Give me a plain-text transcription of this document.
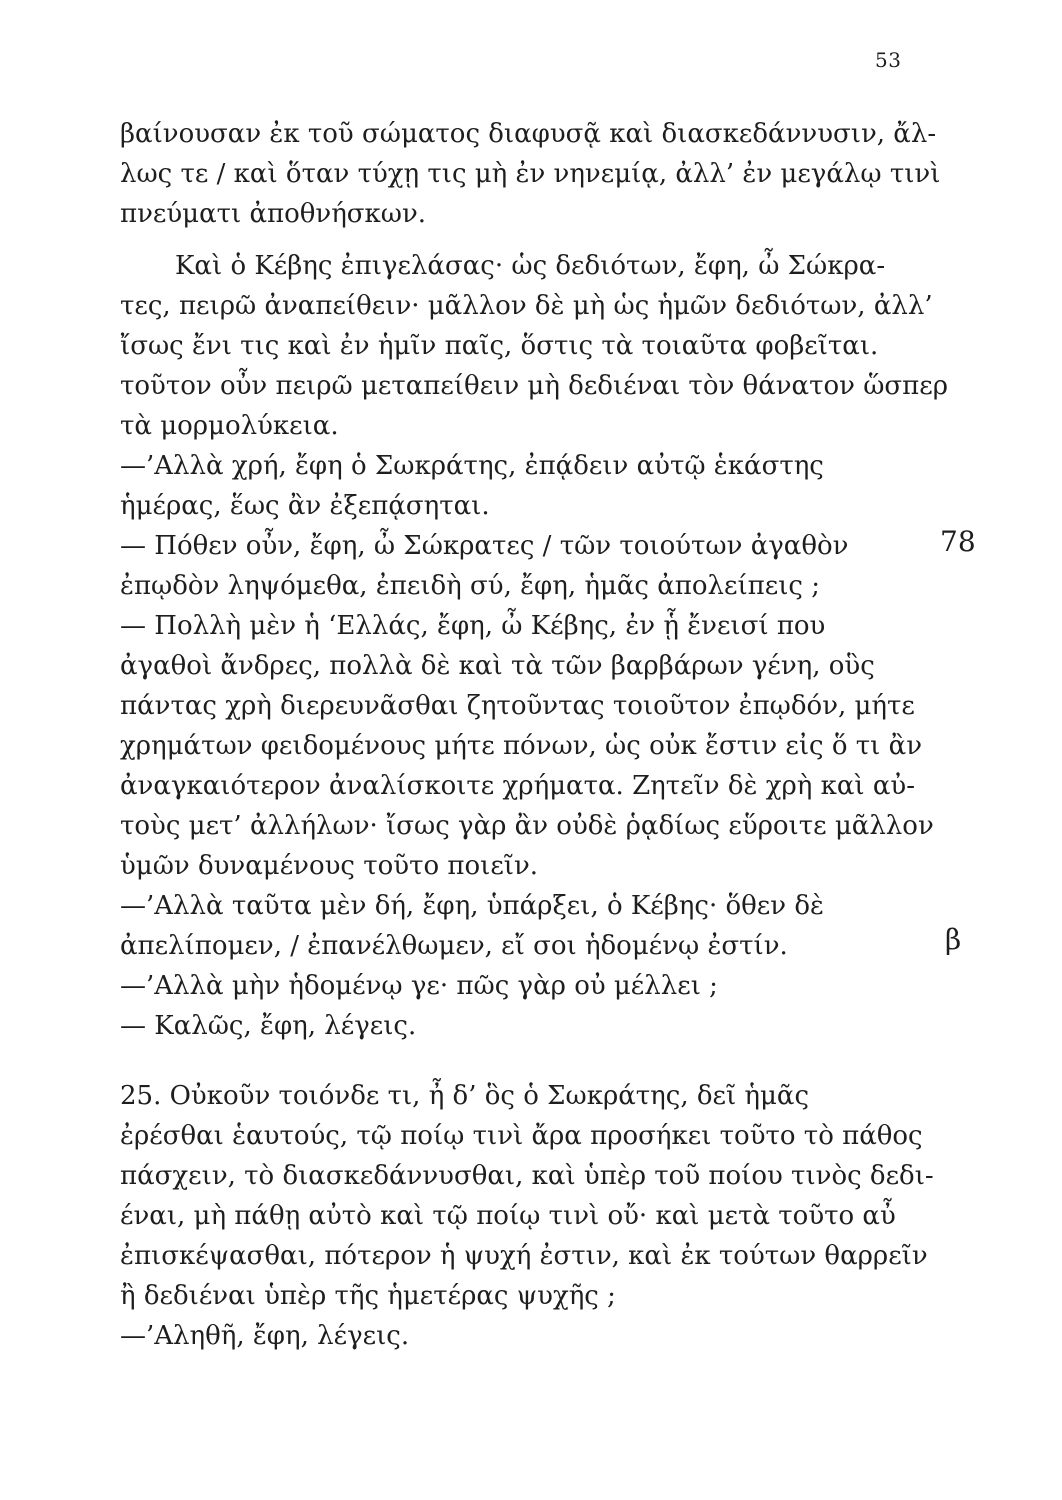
53
βαίνουσαν ἐκ τοῦ σώματος διαφυσᾷ καὶ διασκεδάννυσιν, ἄλ-
λως τε / καὶ ὅταν τύχῃ τις μὴ ἐν νηνεμίᾳ, ἀλλ’ ἐν μεγάλῳ τινὶ
πνεύματι ἀποθνήσκων.
Καὶ ὁ Κέβης ἐπιγελάσας· ὡς δεδιότων, ἔφη, ὦ Σώκρα-
τες, πειρῶ ἀναπείθειν· μᾶλλον δὲ μὴ ὡς ἡμῶν δεδιότων, ἀλλ’
ἴσως ἔνι τις καὶ ἐν ἡμῖν παῖς, ὅστις τὰ τοιαῦτα φοβεῖται.
τοῦτον οὖν πειρῶ μεταπείθειν μὴ δεδιέναι τὸν θάνατον ὥσπερ
τὰ μορμολύκεια.
—’Αλλὰ χρή, ἔφη ὁ Σωκράτης, ἐπᾴδειν αὐτῷ ἑκάστης
ἡμέρας, ἕως ἂν ἐξεπᾴσηται.
— Πόθεν οὖν, ἔφη, ὦ Σώκρατες / τῶν τοιούτων ἀγαθὸν
ἐπῳδὸν ληψόμεθα, ἐπειδὴ σύ, ἔφη, ἡμᾶς ἀπολείπεις ;
— Πολλὴ μὲν ἡ ‘Ελλάς, ἔφη, ὦ Κέβης, ἐν ᾗ ἔνεισί που
ἀγαθοὶ ἄνδρες, πολλὰ δὲ καὶ τὰ τῶν βαρβάρων γένη, οὓς
πάντας χρὴ διερευνᾶσθαι ζητοῦντας τοιοῦτον ἐπῳδόν, μήτε
χρημάτων φειδομένους μήτε πόνων, ὡς οὐκ ἔστιν εἰς ὅ τι ἂν
ἀναγκαιότερον ἀναλίσκοιτε χρήματα. Ζητεῖν δὲ χρὴ καὶ αὐ-
τοὺς μετ’ ἀλλήλων· ἴσως γὰρ ἂν οὐδὲ ῥᾳδίως εὕροιτε μᾶλλον
ὑμῶν δυναμένους τοῦτο ποιεῖν.
—’Αλλὰ ταῦτα μὲν δή, ἔφη, ὑπάρξει, ὁ Κέβης· ὅθεν δὲ
ἀπελίπομεν, / ἐπανέλθωμεν, εἴ σοι ἡδομένῳ ἐστίν.
—’Αλλὰ μὴν ἡδομένῳ γε· πῶς γὰρ οὐ μέλλει ;
— Καλῶς, ἔφη, λέγεις.
25. Οὐκοῦν τοιόνδε τι, ἦ δ’ ὃς ὁ Σωκράτης, δεῖ ἡμᾶς
ἐρέσθαι ἑαυτούς, τῷ ποίῳ τινὶ ἄρα προσήκει τοῦτο τὸ πάθος
πάσχειν, τὸ διασκεδάννυσθαι, καὶ ὑπὲρ τοῦ ποίου τινὸς δεδι-
έναι, μὴ πάθῃ αὐτὸ καὶ τῷ ποίῳ τινὶ οὔ· καὶ μετὰ τοῦτο αὖ
ἐπισκέψασθαι, πότερον ἡ ψυχή ἐστιν, καὶ ἐκ τούτων θαρρεῖν
ἢ δεδιέναι ὑπὲρ τῆς ἡμετέρας ψυχῆς ;
—’Αληθῆ, ἔφη, λέγεις.
78
β
